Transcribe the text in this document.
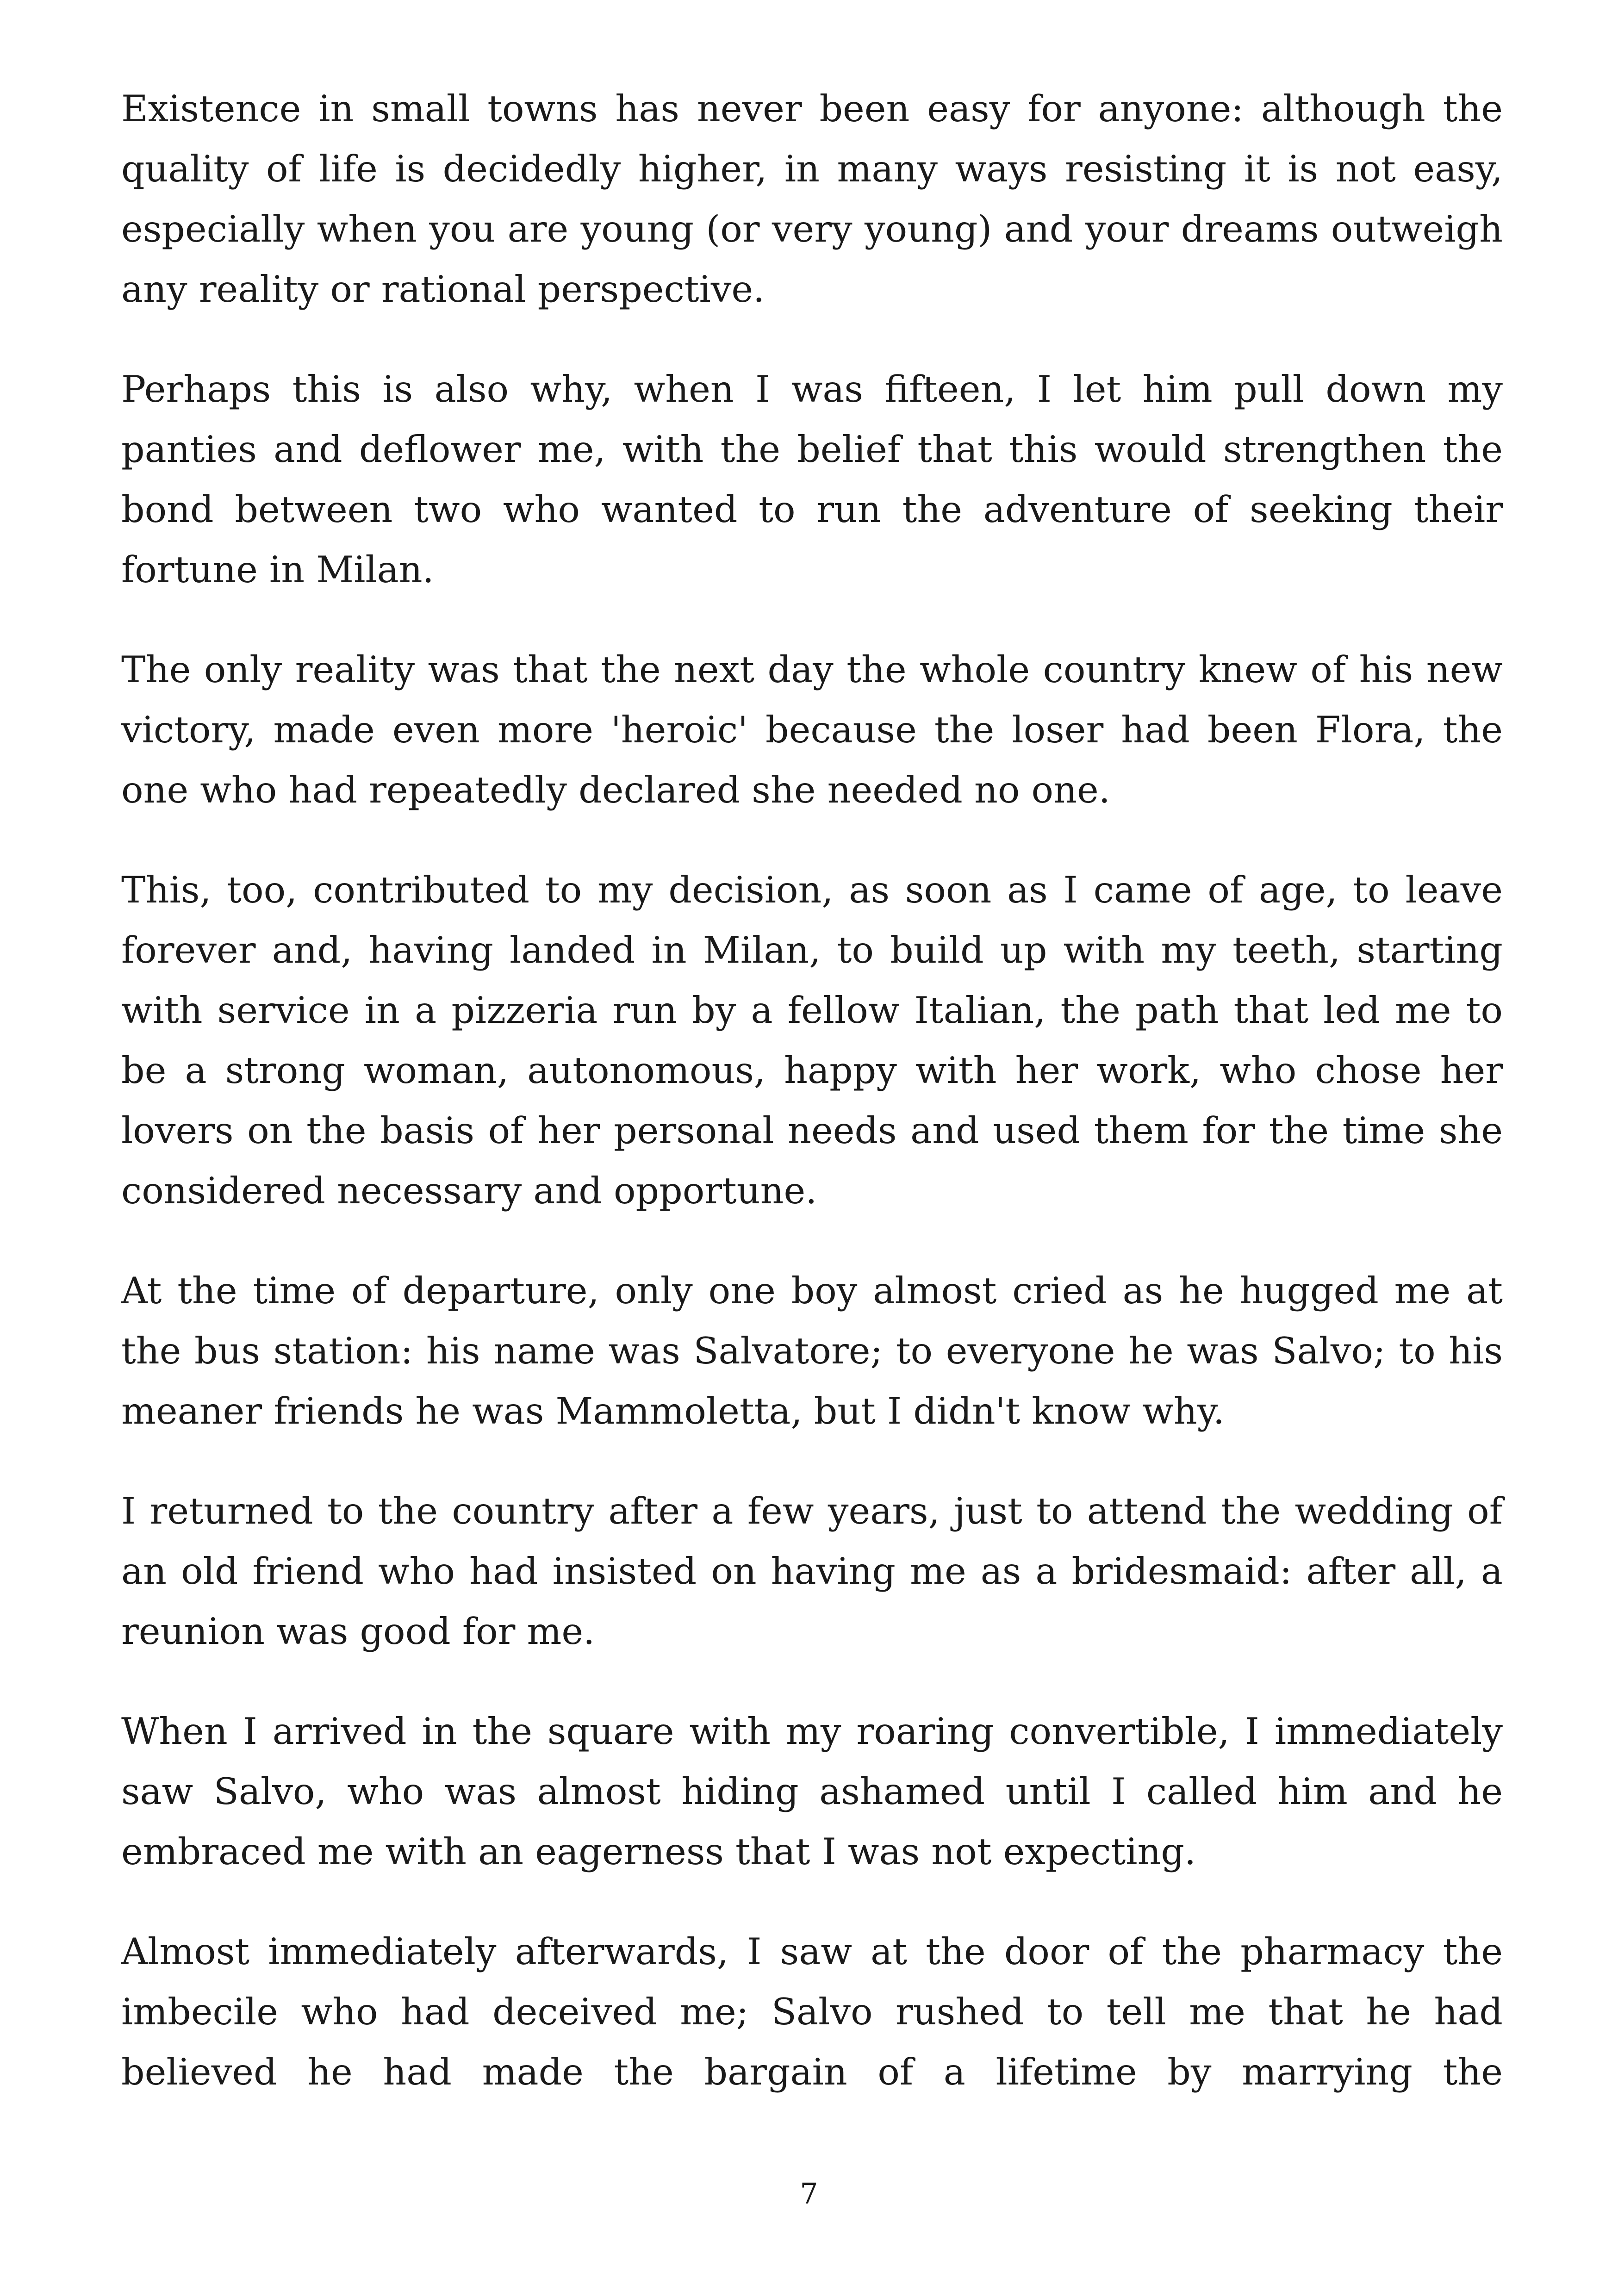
Existence in small towns has never been easy for anyone: although the quality of life is decidedly higher, in many ways resisting it is not easy, especially when you are young (or very young) and your dreams outweigh any reality or rational perspective.

Perhaps this is also why, when I was fifteen, I let him pull down my panties and deflower me, with the belief that this would strengthen the bond between two who wanted to run the adventure of seeking their fortune in Milan.

The only reality was that the next day the whole country knew of his new victory, made even more 'heroic' because the loser had been Flora, the one who had repeatedly declared she needed no one.

This, too, contributed to my decision, as soon as I came of age, to leave forever and, having landed in Milan, to build up with my teeth, starting with service in a pizzeria run by a fellow Italian, the path that led me to be a strong woman, autonomous, happy with her work, who chose her lovers on the basis of her personal needs and used them for the time she considered necessary and opportune.

At the time of departure, only one boy almost cried as he hugged me at the bus station: his name was Salvatore; to everyone he was Salvo; to his meaner friends he was Mammoletta, but I didn't know why.

I returned to the country after a few years, just to attend the wedding of an old friend who had insisted on having me as a bridesmaid: after all, a reunion was good for me.

When I arrived in the square with my roaring convertible, I immediately saw Salvo, who was almost hiding ashamed until I called him and he embraced me with an eagerness that I was not expecting.

Almost immediately afterwards, I saw at the door of the pharmacy the imbecile who had deceived me; Salvo rushed to tell me that he had believed he had made the bargain of a lifetime by marrying the

7
